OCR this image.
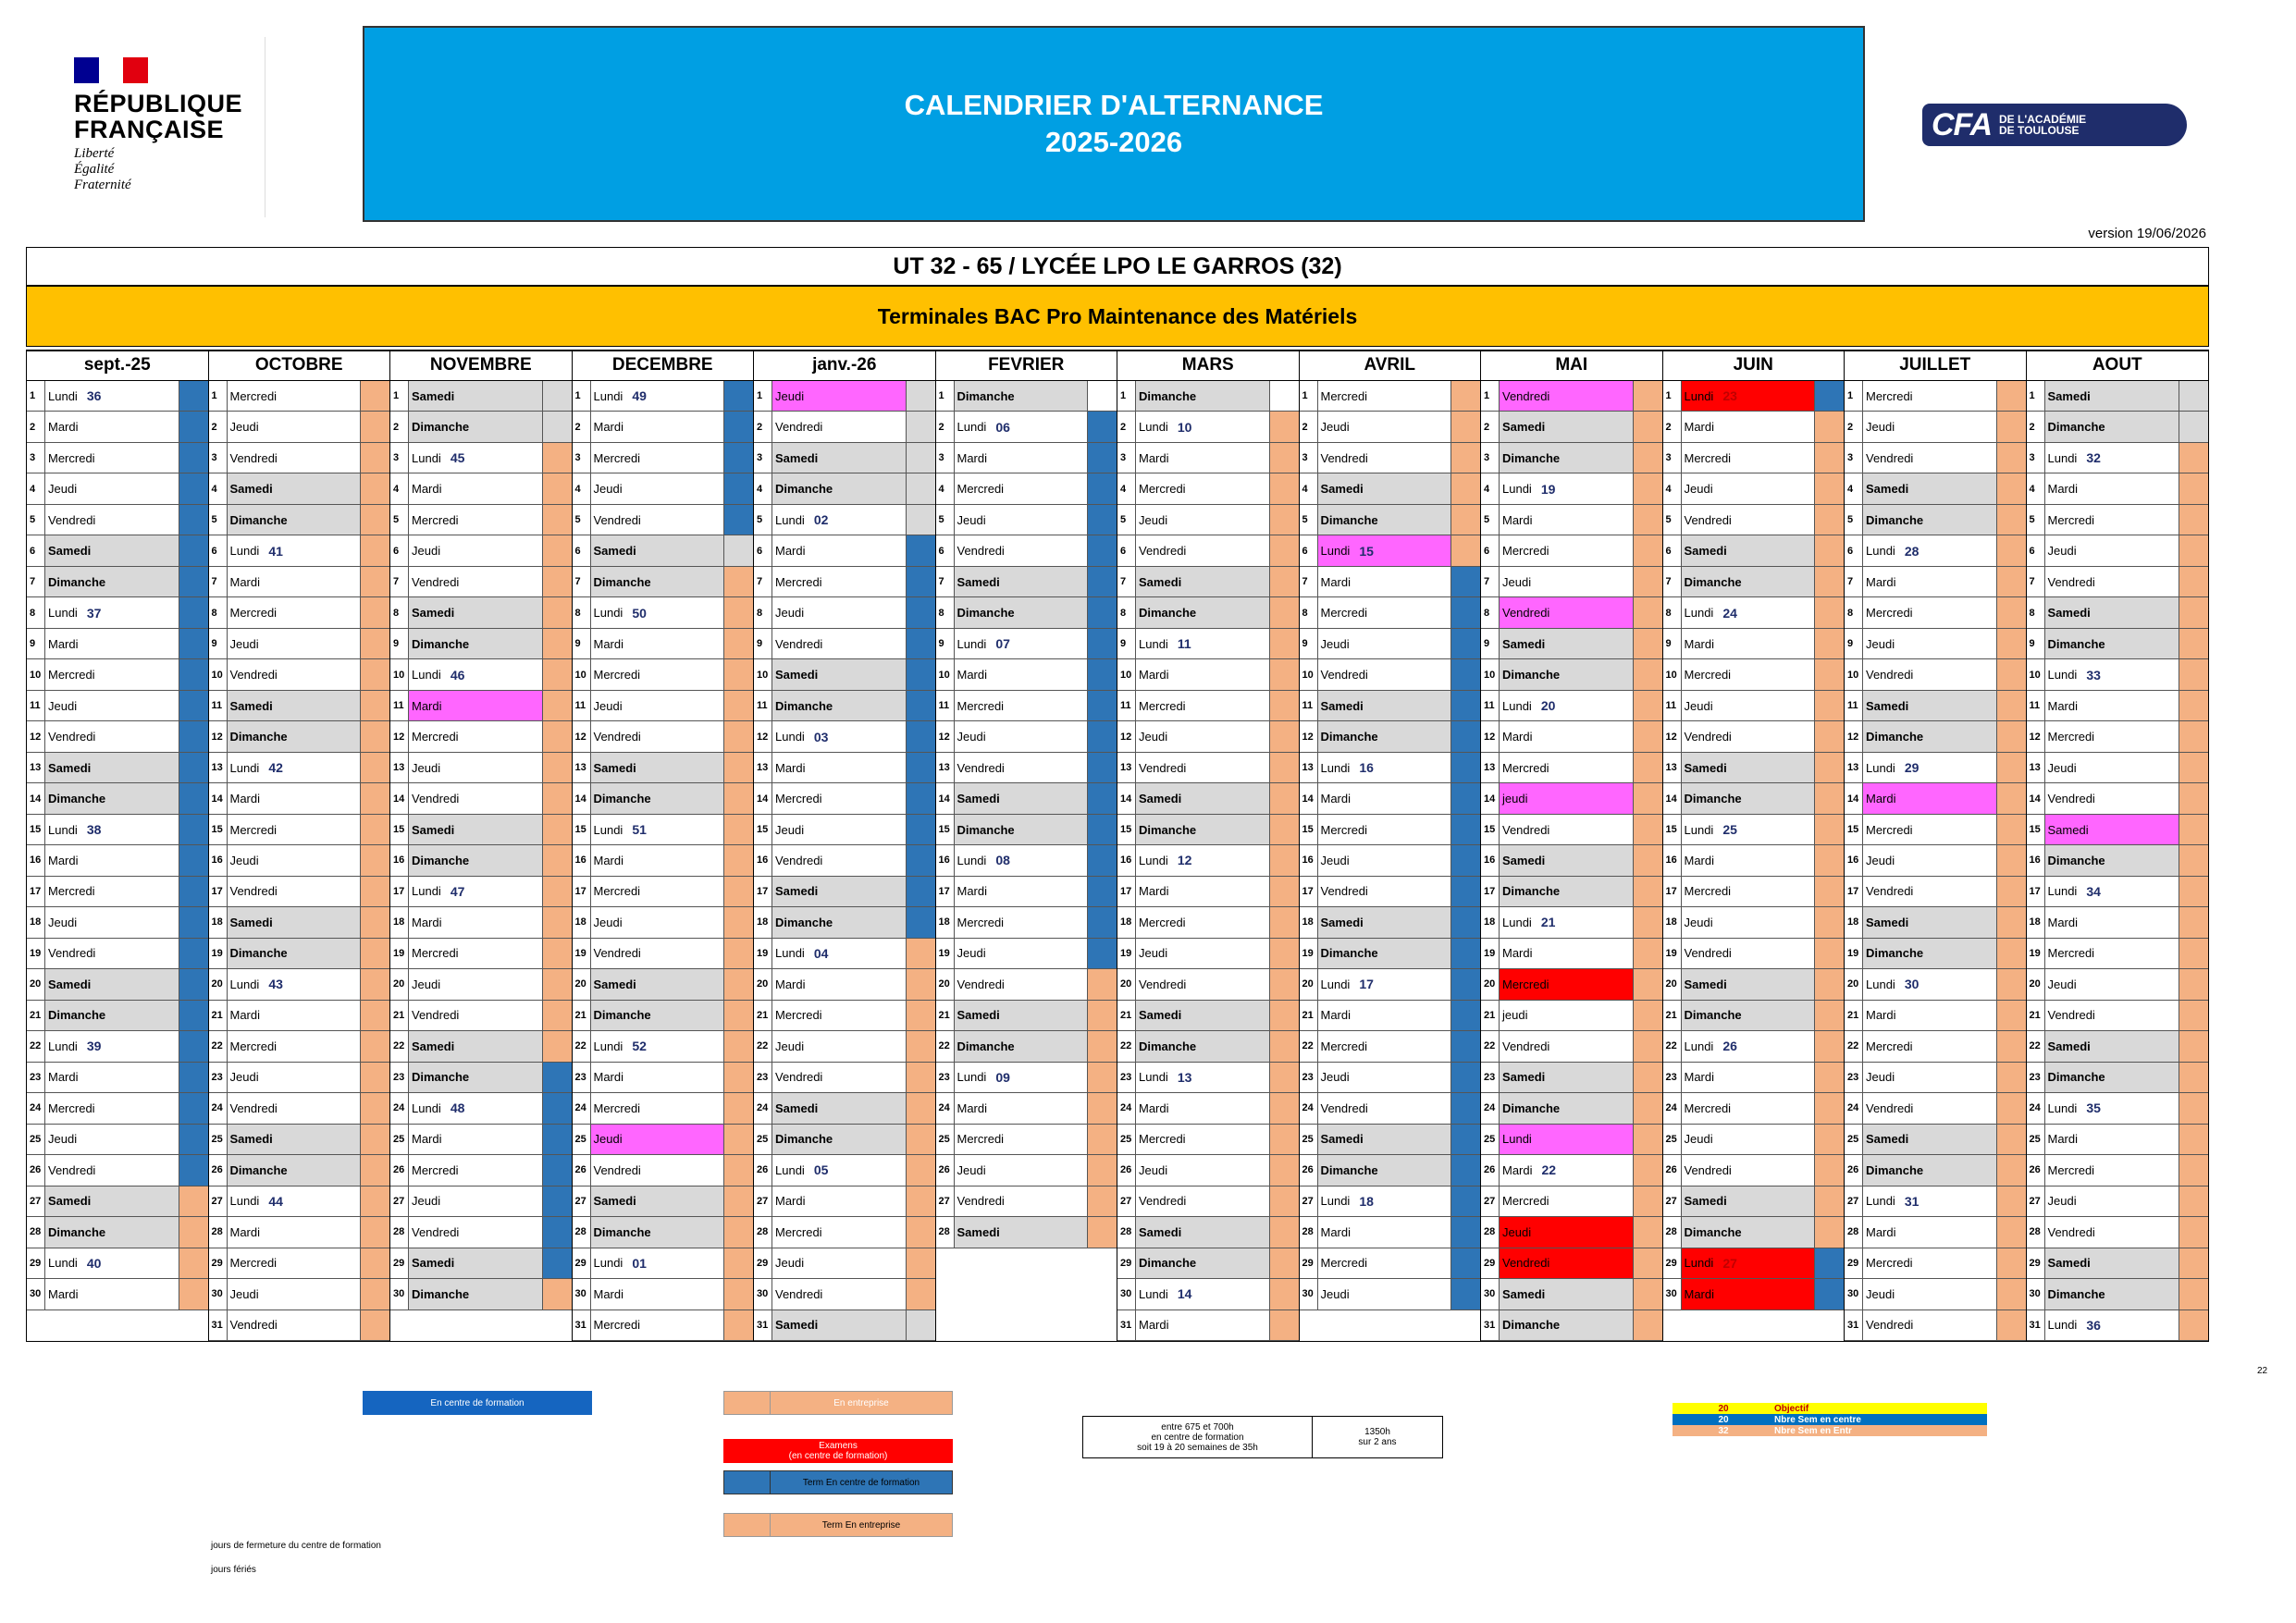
RÉPUBLIQUE
FRANÇAISE
Liberté
Égalité
Fraternité
CALENDRIER D'ALTERNANCE
2025-2026	CFA DE L'ACADÉMIE
DE TOULOUSE
GIP FCIP
version 19/06/2026
UT 32 - 65 / LYCÉE LPO LE GARROS (32)
Terminales BAC Pro Maintenance des Matériels
sept.-25
1	Lundi 36
2	Mardi
3	Mercredi
4	Jeudi
5	Vendredi
6	Samedi
7	Dimanche
8	Lundi 37
9	Mardi
10 Mercredi
11 Jeudi
12 Vendredi
13 Samedi
14 Dimanche
15 Lundi 38
16 Mardi
17 Mercredi
18 Jeudi
19 Vendredi
20 Samedi
21 Dimanche
22 Lundi 39
23 Mardi
24 Mercredi
25 Jeudi
26 Vendredi
27 Samedi
28 Dimanche
29 Lundi 40
30 Mardi
OCTOBRE
1	Mercredi
2	Jeudi
3	Vendredi
4	Samedi
5	Dimanche
6	Lundi 41
7	Mardi
8	Mercredi
9	Jeudi
10 Vendredi
11 Samedi
12 Dimanche
13 Lundi 42
14 Mardi
15 Mercredi
16 Jeudi
17 Vendredi
18 Samedi
19 Dimanche
20 Lundi 43
21 Mardi
22 Mercredi
23 Jeudi
24 Vendredi
25 Samedi
26 Dimanche
27 Lundi 44
28 Mardi
29 Mercredi
30 Jeudi
31 Vendredi
NOVEMBRE
1	Samedi
2	Dimanche
3	Lundi 45
4	Mardi
5	Mercredi
6	Jeudi
7	Vendredi
8	Samedi
9	Dimanche
10 Lundi 46
11 Mardi
12 Mercredi
13 Jeudi
14 Vendredi
15 Samedi
16 Dimanche
17 Lundi 47
18 Mardi
19 Mercredi
20 Jeudi
21 Vendredi
22 Samedi
23 Dimanche
24 Lundi 48
25 Mardi
26 Mercredi
27 Jeudi
28 Vendredi
29 Samedi
30 Dimanche
DECEMBRE
1	Lundi 49
2	Mardi
3	Mercredi
4	Jeudi
5	Vendredi
6	Samedi
7	Dimanche
8	Lundi 50
9	Mardi
10 Mercredi
11 Jeudi
12 Vendredi
13 Samedi
14 Dimanche
15 Lundi 51
16 Mardi
17 Mercredi
18 Jeudi
19 Vendredi
20 Samedi
21 Dimanche
22 Lundi 52
23 Mardi
24 Mercredi
25 Jeudi
26 Vendredi
27 Samedi
28 Dimanche
29 Lundi 01
30 Mardi
31 Mercredi
janv.-26
1	Jeudi
2	Vendredi
3	Samedi
4	Dimanche
5	Lundi 02
6	Mardi
7	Mercredi
8	Jeudi
9	Vendredi
10 Samedi
11 Dimanche
12 Lundi 03
13 Mardi
14 Mercredi
15 Jeudi
16 Vendredi
17 Samedi
18 Dimanche
19 Lundi 04
20 Mardi
21 Mercredi
22 Jeudi
23 Vendredi
24 Samedi
25 Dimanche
26 Lundi 05
27 Mardi
28 Mercredi
29 Jeudi
30 Vendredi
31 Samedi
FEVRIER
1	Dimanche
2	Lundi 06
3	Mardi
4	Mercredi
5	Jeudi
6	Vendredi
7	Samedi
8	Dimanche
9	Lundi 07
10 Mardi
11 Mercredi
12 Jeudi
13 Vendredi
14 Samedi
15 Dimanche
16 Lundi 08
17 Mardi
18 Mercredi
19 Jeudi
20 Vendredi
21 Samedi
22 Dimanche
23 Lundi 09
24 Mardi
25 Mercredi
26 Jeudi
27 Vendredi
28 Samedi
MARS
1	Dimanche
2	Lundi 10
3	Mardi
4	Mercredi
5	Jeudi
6	Vendredi
7	Samedi
8	Dimanche
9	Lundi 11
10 Mardi
11 Mercredi
12 Jeudi
13 Vendredi
14 Samedi
15 Dimanche
16 Lundi 12
17 Mardi
18 Mercredi
19 Jeudi
20 Vendredi
21 Samedi
22 Dimanche
23 Lundi 13
24 Mardi
25 Mercredi
26 Jeudi
27 Vendredi
28 Samedi
29 Dimanche
30 Lundi 14
31 Mardi
AVRIL
1	Mercredi
2	Jeudi
3	Vendredi
4	Samedi
5	Dimanche
6	Lundi 15
7	Mardi
8	Mercredi
9	Jeudi
10 Vendredi
11 Samedi
12 Dimanche
13 Lundi 16
14 Mardi
15 Mercredi
16 Jeudi
17 Vendredi
18 Samedi
19 Dimanche
20 Lundi 17
21 Mardi
22 Mercredi
23 Jeudi
24 Vendredi
25 Samedi
26 Dimanche
27 Lundi 18
28 Mardi
29 Mercredi
30 Jeudi
MAI
1	Vendredi
2	Samedi
3	Dimanche
4	Lundi 19
5	Mardi
6	Mercredi
7	Jeudi
8	Vendredi
9	Samedi
10 Dimanche
11 Lundi 20
12 Mardi
13 Mercredi
14 jeudi
15 Vendredi
16 Samedi
17 Dimanche
18 Lundi 21
19 Mardi
20 Mercredi
21 jeudi
22 Vendredi
23 Samedi
24 Dimanche
25 Lundi
26 Mardi 22
27 Mercredi
28 Jeudi
29 Vendredi
30 Samedi
31 Dimanche
JUIN
1	Lundi 23
2	Mardi
3	Mercredi
4	Jeudi
5	Vendredi
6	Samedi
7	Dimanche
8	Lundi 24
9	Mardi
10 Mercredi
11 Jeudi
12 Vendredi
13 Samedi
14 Dimanche
15 Lundi 25
16 Mardi
17 Mercredi
18 Jeudi
19 Vendredi
20 Samedi
21 Dimanche
22 Lundi 26
23 Mardi
24 Mercredi
25 Jeudi
26 Vendredi
27 Samedi
28 Dimanche
29 Lundi 27
30 Mardi
JUILLET
1	Mercredi
2	Jeudi
3	Vendredi
4	Samedi
5	Dimanche
6	Lundi 28
7	Mardi
8	Mercredi
9	Jeudi
10 Vendredi
11 Samedi
12 Dimanche
13 Lundi 29
14 Mardi
15 Mercredi
16 Jeudi
17 Vendredi
18 Samedi
19 Dimanche
20 Lundi 30
21 Mardi
22 Mercredi
23 Jeudi
24 Vendredi
25 Samedi
26 Dimanche
27 Lundi 31
28 Mardi
29 Mercredi
30 Jeudi
31 Vendredi
AOUT
1	Samedi
2	Dimanche
3	Lundi 32
4	Mardi
5	Mercredi
6	Jeudi
7	Vendredi
8	Samedi
9	Dimanche
10 Lundi 33
11 Mardi
12 Mercredi
13 Jeudi
14 Vendredi
15 Samedi
16 Dimanche
17 Lundi 34
18 Mardi
19 Mercredi
20 Jeudi
21 Vendredi
22 Samedi
23 Dimanche
24 Lundi 35
25 Mardi
26 Mercredi
27 Jeudi
28 Vendredi
29 Samedi
30 Dimanche
31 Lundi 36
22
En centre de formation	En entreprise
Examens
(en centre de formation)
Term En centre de formation
Term En entreprise
entre 675 et 700h
en centre de formation
soit 19 à 20 semaines de 35h
1350h
sur 2 ans
20	Objectif
20	Nbre Sem en centre
32	Nbre Sem en Entr
jours de fermeture du centre de formation
jours fériés
